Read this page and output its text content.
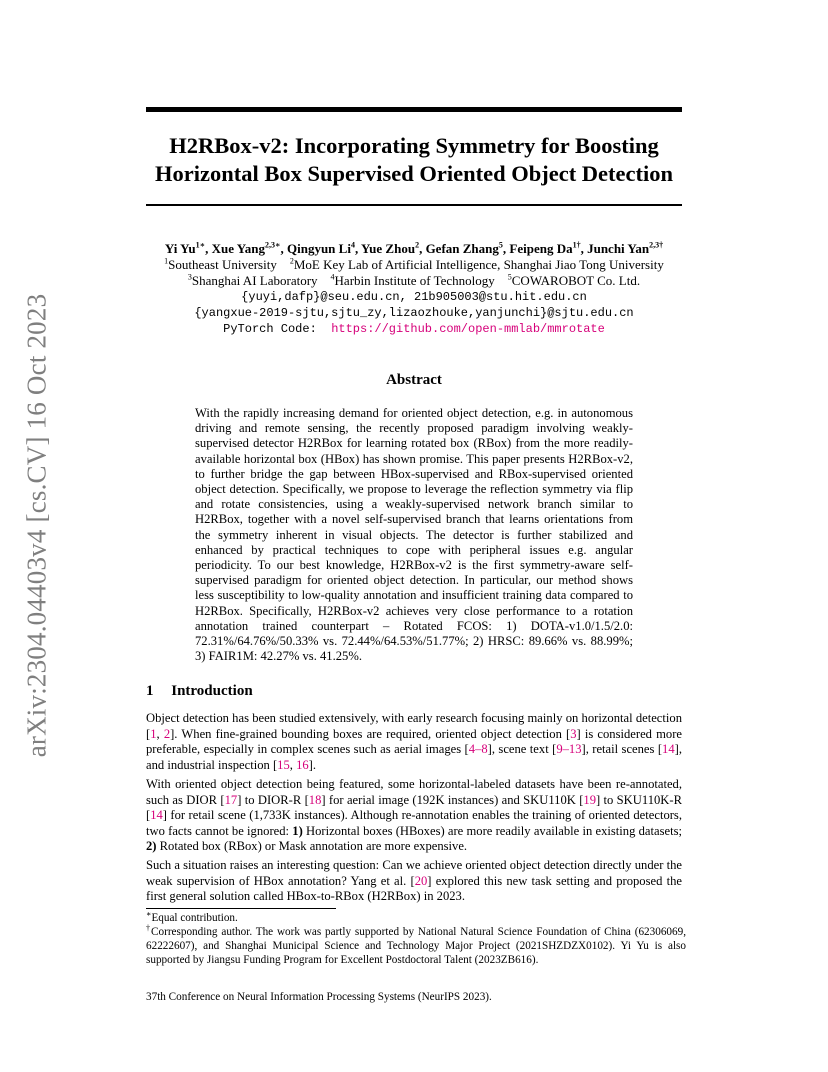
arXiv:2304.04403v4 [cs.CV] 16 Oct 2023
H2RBox-v2: Incorporating Symmetry for Boosting
Horizontal Box Supervised Oriented Object Detection
Yi $Yu^{1∗}$, Xue Yang$^{2,3∗}$, Qingyun Li$^4$, Yue Zhou$^2$, Gefan Zhang$^5$, Feipeng $Da^{1\dagger}$, Junchi Yan$^{2,3\dagger}$
$^1$Southeast University $^2$MoE Key Lab of Artificial Intelligence, Shanghai Jiao Tong University
$^3$Shanghai AI Laboratory $^4$Harbin Institute of Technology $^5$COWAROBOT Co. Ltd.
{yuyi,dafp}@seu.edu.cn, 21b905003@stu.hit.edu.cn
{yangxue-2019-sjtu,sjtu_zy,lizaozhouke,yanjunchi}@sjtu.edu.cn
PyTorch Code: https://github.com/open-mmlab/mmrotate
Abstract
With the rapidly increasing demand for oriented object detection, e.g. in autonomous driving and remote sensing, the recently proposed paradigm involving weakly-supervised detector H2RBox for learning rotated box (RBox) from the more readily-available horizontal box (HBox) has shown promise. This paper presents H2RBox-v2, to further bridge the gap between HBox-supervised and RBox-supervised oriented object detection. Specifically, we propose to leverage the reflection symmetry via flip and rotate consistencies, using a weakly-supervised network branch similar to H2RBox, together with a novel self-supervised branch that learns orientations from the symmetry inherent in visual objects. The detector is further stabilized and enhanced by practical techniques to cope with peripheral issues e.g. angular periodicity. To our best knowledge, H2RBox-v2 is the first symmetry-aware self-supervised paradigm for oriented object detection. In particular, our method shows less susceptibility to low-quality annotation and insufficient training data compared to H2RBox. Specifically, H2RBox-v2 achieves very close performance to a rotation annotation trained counterpart – Rotated FCOS: 1) DOTA-v1.0/1.5/2.0: 72.31%/64.76%/50.33% vs. 72.44%/64.53%/51.77%; 2) HRSC: 89.66% vs. 88.99%; 3) FAIR1M: 42.27% vs. 41.25%.
1 Introduction

Object detection has been studied extensively, with early research focusing mainly on horizontal detection [1, 2]. When fine-grained bounding boxes are required, oriented object detection [3] is considered more preferable, especially in complex scenes such as aerial images [4–8], scene text [9–13], retail scenes [14], and industrial inspection [15, 16].

With oriented object detection being featured, some horizontal-labeled datasets have been re-annotated, such as DIOR [17] to DIOR-R [18] for aerial image (192K instances) and SKU110K [19] to SKU110K-R [14] for retail scene (1,733K instances). Although re-annotation enables the training of oriented detectors, two facts cannot be ignored: 1) Horizontal boxes (HBoxes) are more readily available in existing datasets; 2) Rotated box (RBox) or Mask annotation are more expensive.

Such a situation raises an interesting question: Can we achieve oriented object detection directly under the weak supervision of HBox annotation? Yang et al. [20] explored this new task setting and proposed the first general solution called HBox-to-RBox (H2RBox) in 2023.

∗Equal contribution.

†Corresponding author. The work was partly supported by National Natural Science Foundation of China (62306069, 62222607), and Shanghai Municipal Science and Technology Major Project (2021SHZDZX0102). Yi Yu is also supported by Jiangsu Funding Program for Excellent Postdoctoral Talent (2023ZB616).

37th Conference on Neural Information Processing Systems (NeurIPS 2023).
